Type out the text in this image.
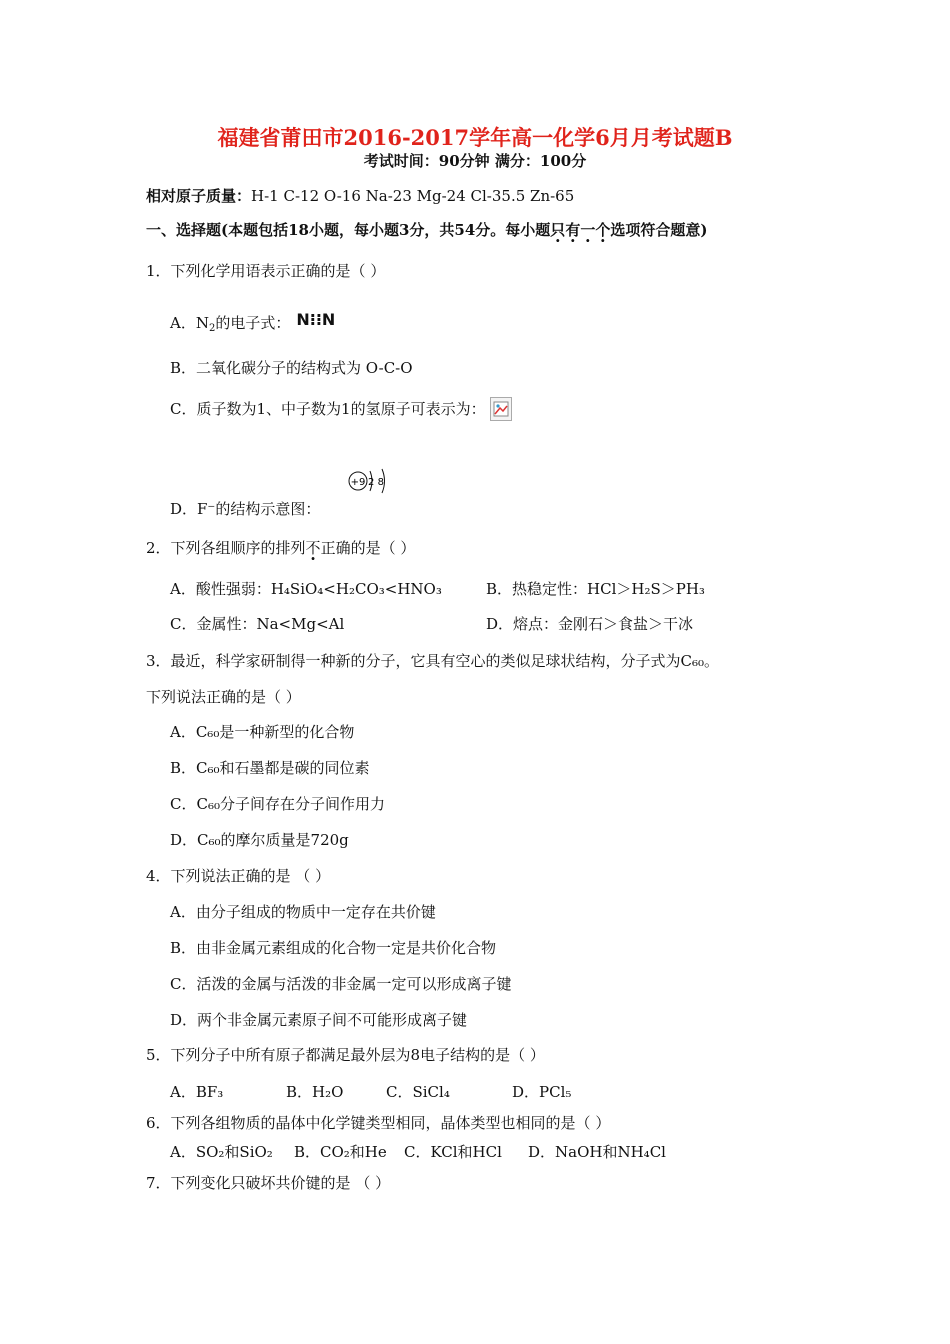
福建省莆田市2016-2017学年高一化学6月月考试题B
考试时间：90分钟 满分：100分
相对原子质量：H-1 C-12 O-16 Na-23 Mg-24 Cl-35.5 Zn-65
一、选择题(本题包括18小题，每小题3分，共54分。每小题只有一个选项符合题意)
1．下列化学用语表示正确的是（ ）
A．$N_2$的电子式： N⁝⁝N
B．二氧化碳分子的结构式为 O-C-O
C．质子数为1、中子数为1的氢原子可表示为：
+9 2 8
D．F⁻的结构示意图：
2．下列各组顺序的排列不正确的是（ ）
A．酸性强弱：H₄SiO₄<H₂CO₃<HNO₃	B．热稳定性：HCl＞H₂S＞PH₃
C．金属性：Na<Mg<Al	D．熔点：金刚石＞食盐＞干冰
3．最近，科学家研制得一种新的分子，它具有空心的类似足球状结构，分子式为C₆₀。
下列说法正确的是（ ）
A．C₆₀是一种新型的化合物
B．C₆₀和石墨都是碳的同位素
C．C₆₀分子间存在分子间作用力
D．C₆₀的摩尔质量是720g
4．下列说法正确的是 （ ）
A．由分子组成的物质中一定存在共价键
B．由非金属元素组成的化合物一定是共价化合物
C．活泼的金属与活泼的非金属一定可以形成离子键
D．两个非金属元素原子间不可能形成离子键
5．下列分子中所有原子都满足最外层为8电子结构的是（ ）
A．BF₃	B．H₂O	C．SiCl₄	D．PCl₅
6．下列各组物质的晶体中化学键类型相同，晶体类型也相同的是（ ）
A．SO₂和SiO₂ B．CO₂和He C．KCl和HCl D．NaOH和NH₄Cl
7．下列变化只破坏共价键的是 （ ）
